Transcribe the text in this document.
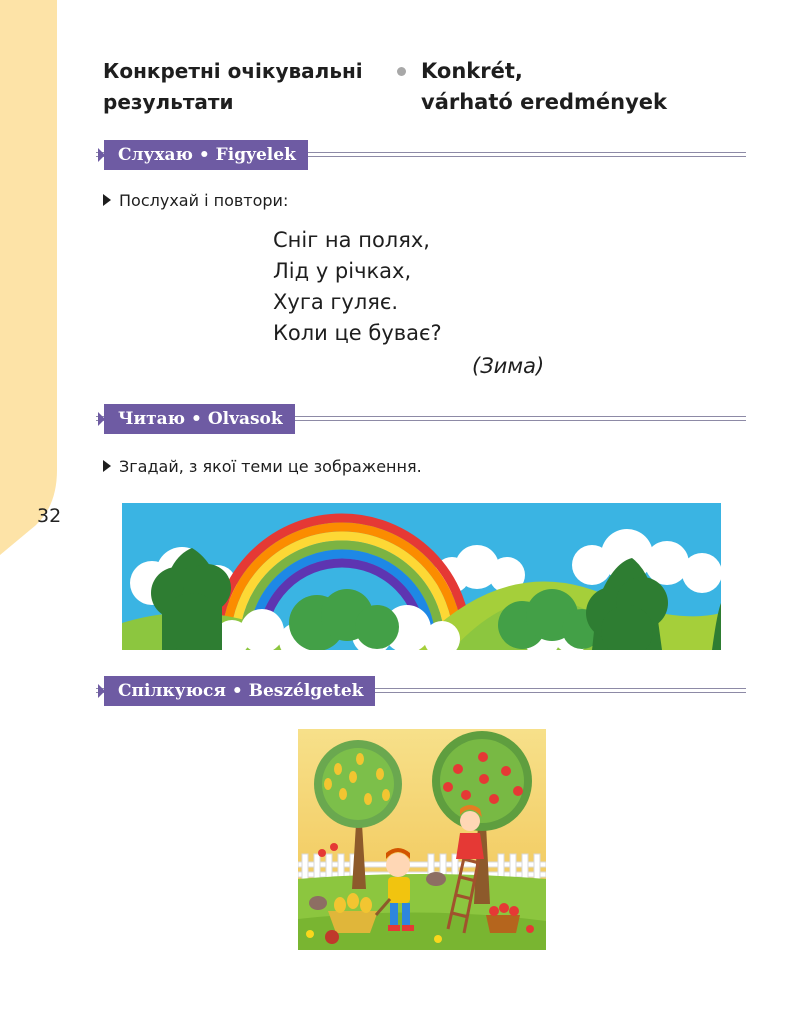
32
Конкретні очікувальні результати
Konkrét,
várható eredmények
Слухаю • Figyelek
Послухай і повтори:
Сніг на полях,
Лід у річках,
Хуга гуляє.
Коли це буває?
(Зима)
Читаю • Olvasok
Згадай, з якої теми це зображення.
Спілкуюся • Beszélgetek
